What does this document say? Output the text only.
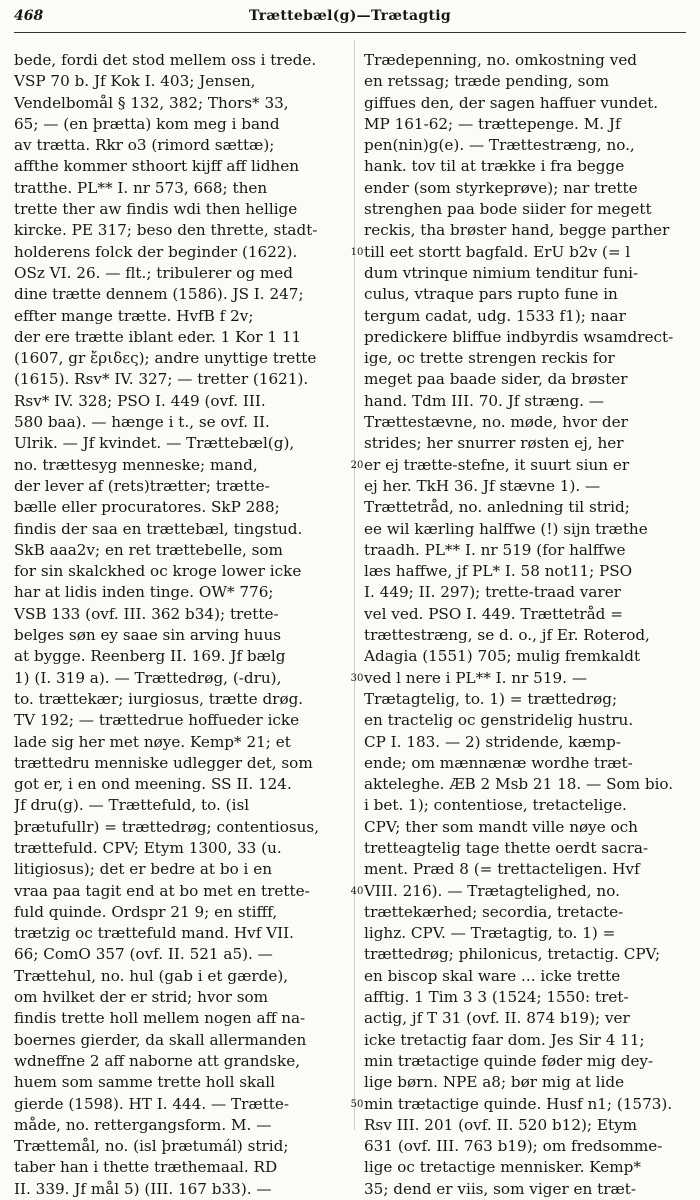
468	Trættebæl(g)—Trætagtig
bede, fordi det stod mellem oss i trede.
VSP 70 b. Jf Kok I. 403; Jensen,
Vendelbomål § 132, 382; Thors* 33,
65; — (en þrætta) kom meg i band
av trætta. Rkr o3 (rimord sættæ);
affthe kommer sthoort kijff aff lidhen
tratthe. PL** I. nr 573, 668; then
trette ther aw findis wdi then hellige
kircke. PE 317; beso den thrette, stadt-
holderens folck der beginder (1622).
OSz VI. 26. — flt.; tribulerer og med
dine trætte dennem (1586). JS I. 247;
effter mange trætte. HvfB f 2v;
der ere trætte iblant eder. 1 Kor 1 11
(1607, gr ἔριδες); andre unyttige trette
(1615). Rsv* IV. 327; — tretter (1621).
Rsv* IV. 328; PSO I. 449 (ovf. III.
580 baa). — hænge i t., se ovf. II.
Ulrik. — Jf kvindet. — Trættebæl(g),
no. trættesyg menneske; mand,
der lever af (rets)trætter; trætte-
bælle eller procuratores. SkP 288;
findis der saa en trættebæl, tingstud.
SkB aaa2v; en ret trættebelle, som
for sin skalckhed oc kroge lower icke
har at lidis inden tinge. OW* 776;
VSB 133 (ovf. III. 362 b34); trette-
belges søn ey saae sin arving huus
at bygge. Reenberg II. 169. Jf bælg
1) (I. 319 a). — Trættedrøg, (-dru),
to. trættekær; iurgiosus, trætte drøg.
TV 192; — trættedrue hoffueder icke
lade sig her met nøye. Kemp* 21; et
trættedru menniske udlegger det, som
got er, i en ond meening. SS II. 124.
Jf dru(g). — Trættefuld, to. (isl
þrætufullr) = trættedrøg; contentiosus,
trættefuld. CPV; Etym 1300, 33 (u.
litigiosus); det er bedre at bo i en
vraa paa tagit end at bo met en trette-
fuld quinde. Ordspr 21 9; en stifff,
trætzig oc trættefuld mand. Hvf VII.
66; ComO 357 (ovf. II. 521 a5). —
Trættehul, no. hul (gab i et gærde),
om hvilket der er strid; hvor som
findis trette holl mellem nogen aff na-
boernes gierder, da skall allermanden
wdneffne 2 aff naborne att grandske,
huem som samme trette holl skall
gierde (1598). HT I. 444. — Trætte-
måde, no. rettergangsform. M. —
Trættemål, no. (isl þrætumál) strid;
taber han i thette træthemaal. RD
II. 339. Jf mål 5) (III. 167 b33). —
10
20
30
40
50
Trædepenning, no. omkostning ved
en retssag; træde pending, som
giffues den, der sagen haffuer vundet.
MP 161-62; — trættepenge. M. Jf
pen(nin)g(e). — Trættestræng, no.,
hank. tov til at trække i fra begge
ender (som styrkeprøve); nar trette
strenghen paa bode siider for megett
reckis, tha brøster hand, begge parther
till eet stortt bagfald. ErU b2v (= l
dum vtrinque nimium tenditur funi-
culus, vtraque pars rupto fune in
tergum cadat, udg. 1533 f1); naar
predickere bliffue indbyrdis wsamdrect-
ige, oc trette strengen reckis for
meget paa baade sider, da brøster
hand. Tdm III. 70. Jf stræng. —
Trættestævne, no. møde, hvor der
strides; her snurrer røsten ej, her
er ej trætte-stefne, it suurt siun er
ej her. TkH 36. Jf stævne 1). —
Trættetråd, no. anledning til strid;
ee wil kærling halffwe (!) sijn træthe
traadh. PL** I. nr 519 (for halffwe
læs haffwe, jf PL* I. 58 not11; PSO
I. 449; II. 297); trette-traad varer
vel ved. PSO I. 449. Trættetråd =
trættestræng, se d. o., jf Er. Roterod,
Adagia (1551) 705; mulig fremkaldt
ved l nere i PL** I. nr 519. —
Trætagtelig, to. 1) = trættedrøg;
en tractelig oc genstridelig hustru.
CP I. 183. — 2) stridende, kæmp-
ende; om mænnænæ wordhe træt-
akteleghe. ÆB 2 Msb 21 18. — Som bio.
i bet. 1); contentiose, tretactelige.
CPV; ther som mandt ville nøye och
tretteagtelig tage thette oerdt sacra-
ment. Præd 8 (= trettacteligen. Hvf
VIII. 216). — Trætagtelighed, no.
trættekærhed; secordia, tretacte-
lighz. CPV. — Trætagtig, to. 1) =
trættedrøg; philonicus, tretactig. CPV;
en biscop skal ware ... icke trette
afftig. 1 Tim 3 3 (1524; 1550: tret-
actig, jf T 31 (ovf. II. 874 b19); ver
icke tretactig faar dom. Jes Sir 4 11;
min trætactige quinde føder mig dey-
lige børn. NPE a8; bør mig at lide
min trætactige quinde. Husf n1; (1573).
Rsv III. 201 (ovf. II. 520 b12); Etym
631 (ovf. III. 763 b19); om fredsomme-
lige oc tretactige mennisker. Kemp*
35; dend er viis, som viger en træt-
